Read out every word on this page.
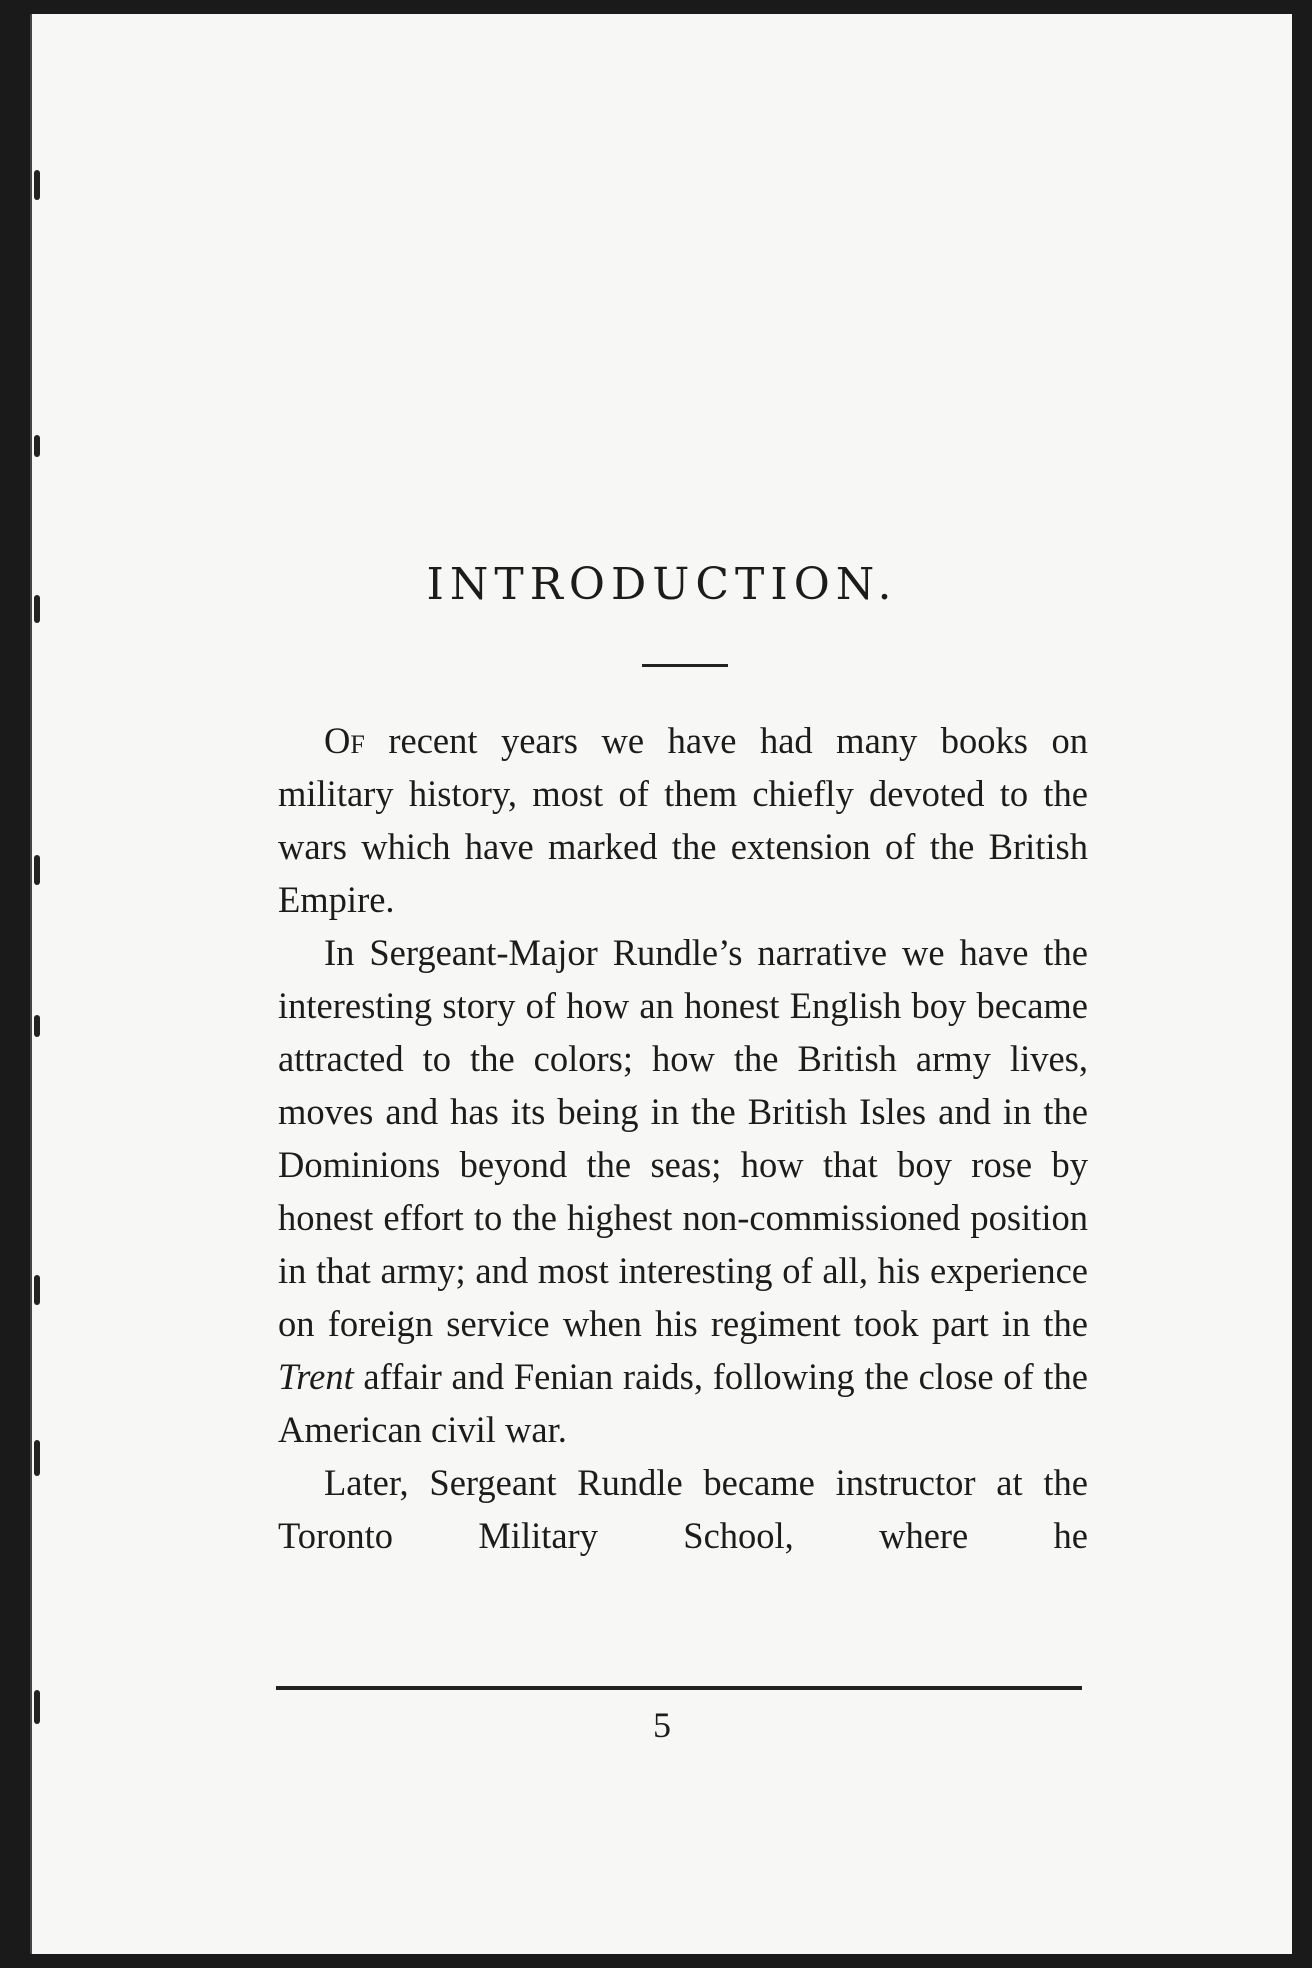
INTRODUCTION.

Of recent years we have had many books on military history, most of them chiefly devoted to the wars which have marked the extension of the British Empire.

In Sergeant-Major Rundle’s narrative we have the interesting story of how an honest English boy became attracted to the colors; how the British army lives, moves and has its being in the British Isles and in the Dominions beyond the seas; how that boy rose by honest effort to the highest non-commissioned position in that army; and most interesting of all, his experience on foreign service when his regiment took part in the Trent affair and Fenian raids, following the close of the American civil war.

Later, Sergeant Rundle became instructor at the Toronto Military School, where he

5
